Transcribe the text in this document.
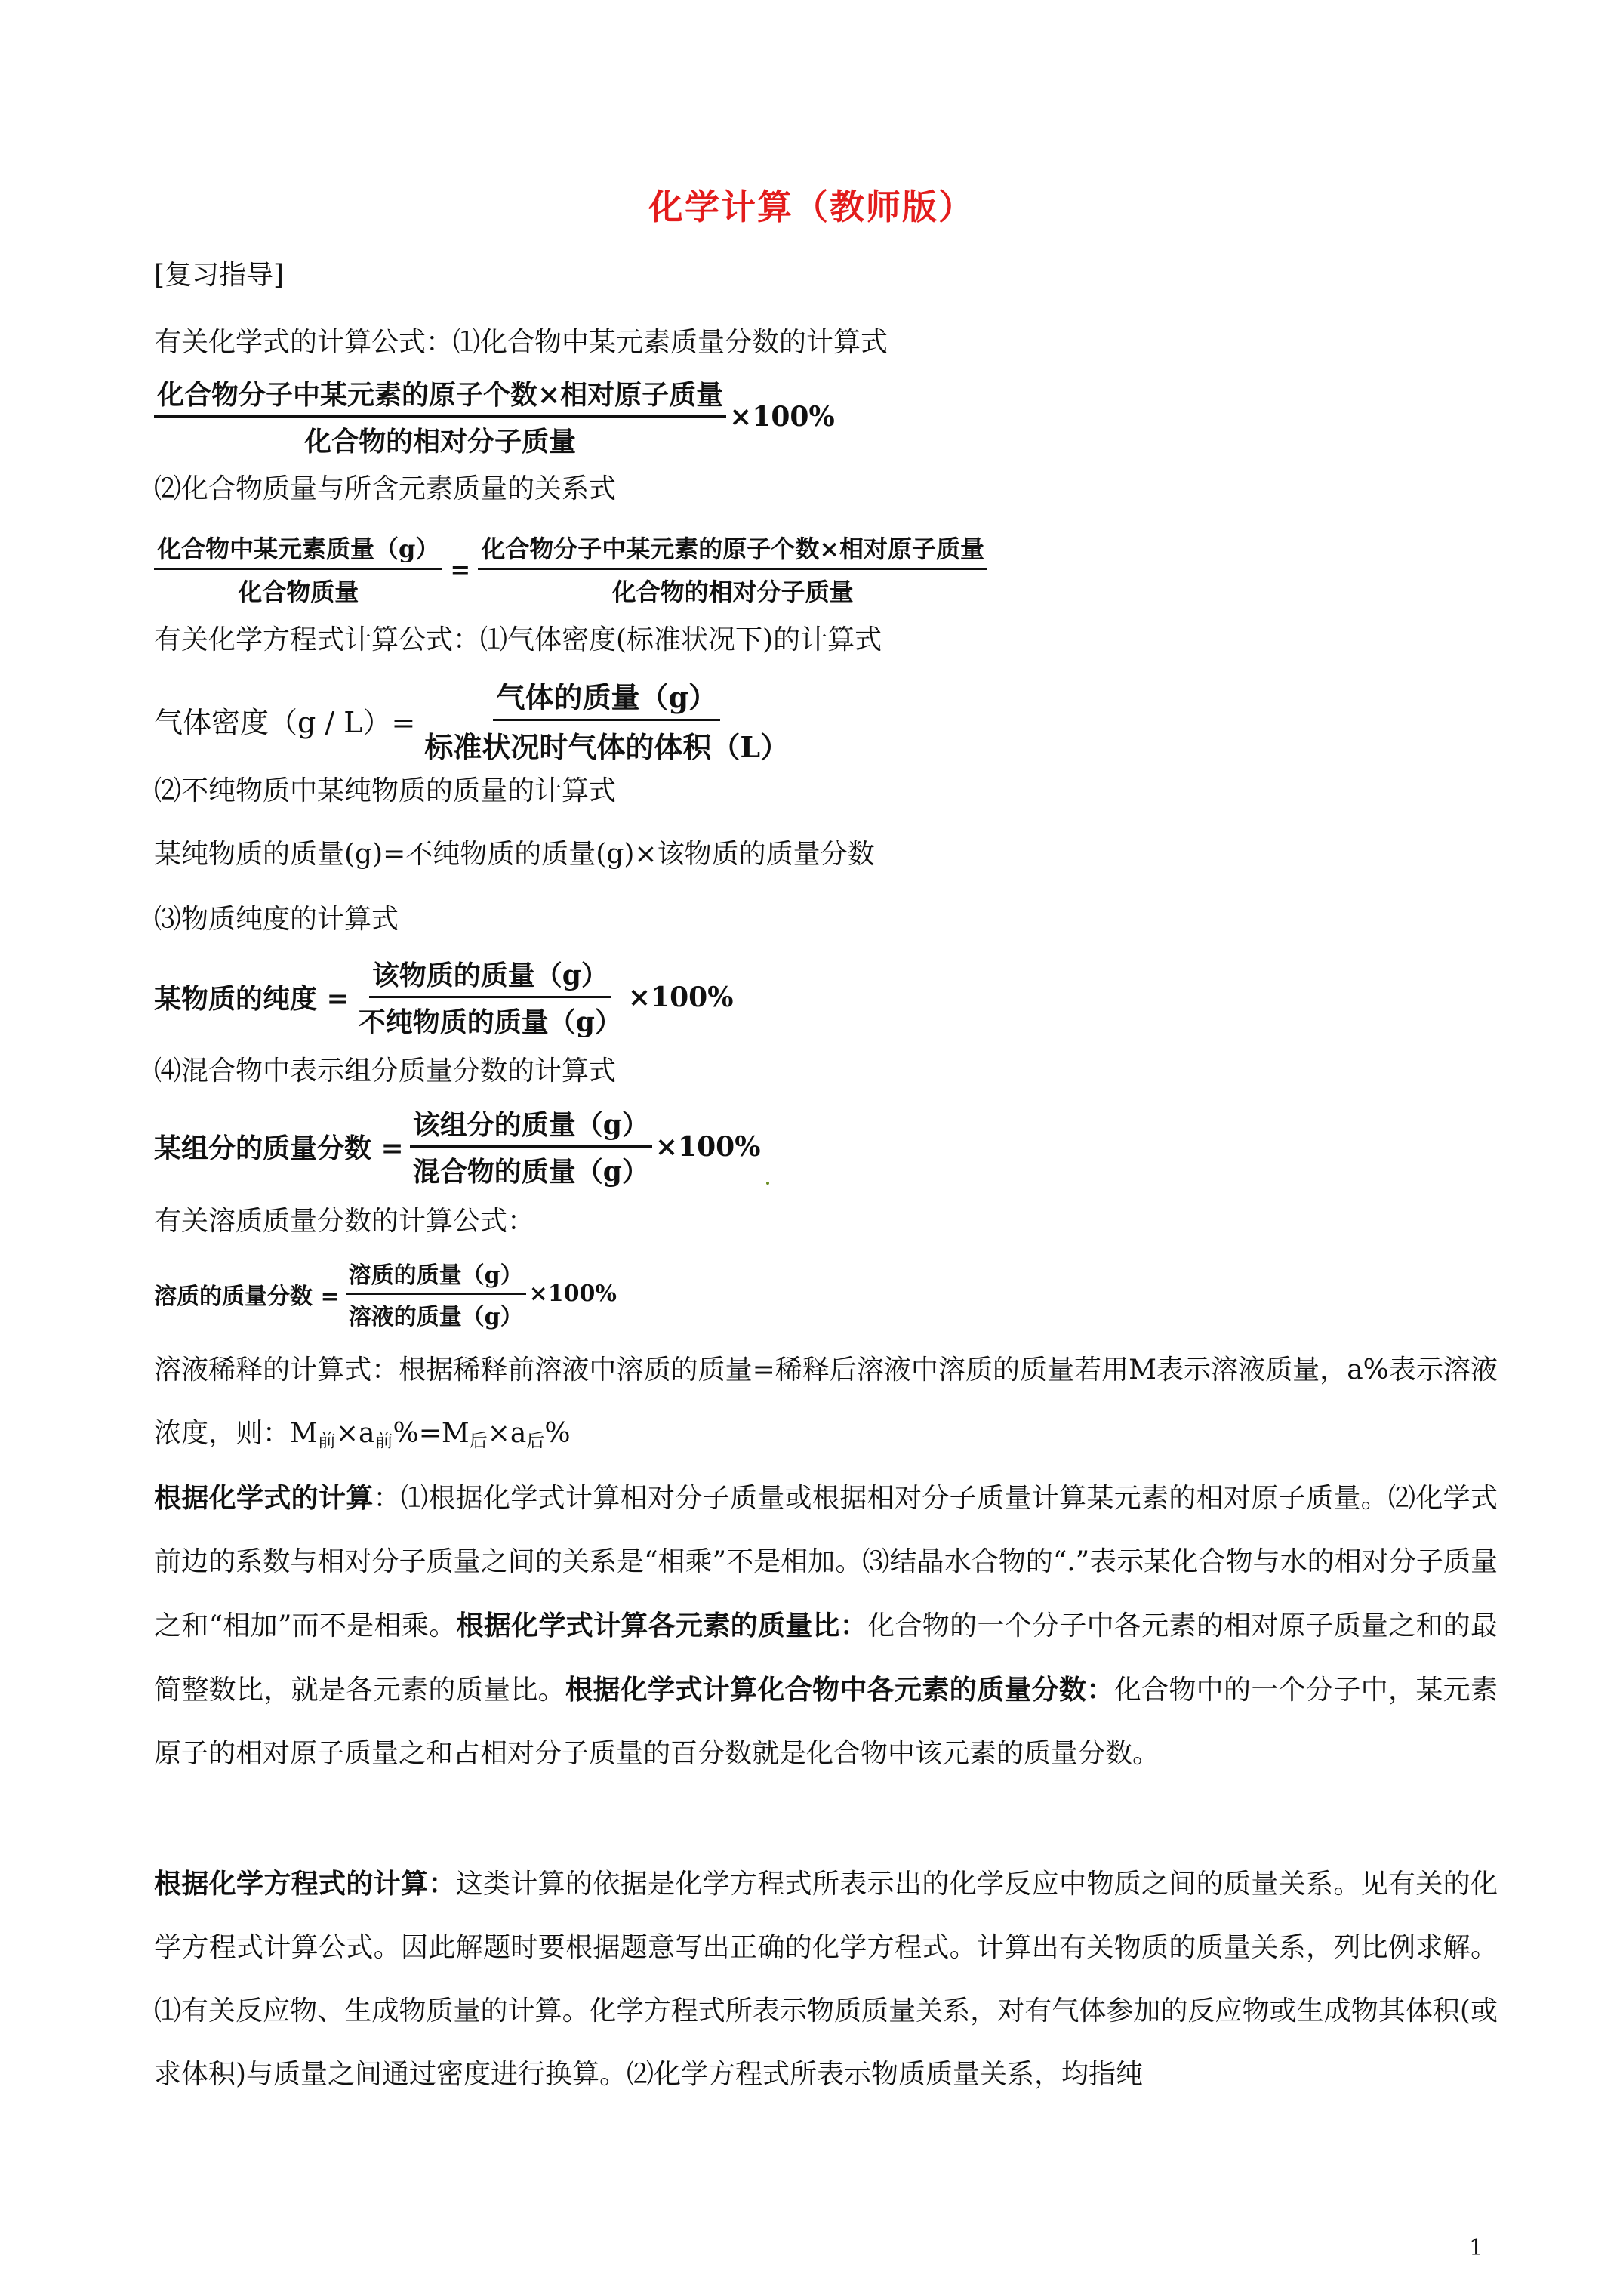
化学计算（教师版）
[复习指导]
有关化学式的计算公式：⑴化合物中某元素质量分数的计算式
$\frac{\text{化合物分子中某元素的原子个数×相对原子质量}}{\text{化合物的相对分子质量}} \times 100\%$
⑵化合物质量与所含元素质量的关系式
$\frac{\text{化合物中某元素质量（g）}}{\text{化合物质量}} = \frac{\text{化合物分子中某元素的原子个数×相对原子质量}}{\text{化合物的相对分子质量}}$
有关化学方程式计算公式：⑴气体密度(标准状况下)的计算式
气体密度$(g / L)= \frac{\text{气体的质量（g）}}{\text{标准状况时气体的体积（L）}}$
⑵不纯物质中某纯物质的质量的计算式
某纯物质的质量(g)=不纯物质的质量(g)×该物质的质量分数
⑶物质纯度的计算式
某物质的纯度 = $\frac{\text{该物质的质量（g）}}{\text{不纯物质的质量（g）}} \times 100\%$
⑷混合物中表示组分质量分数的计算式
某组分的质量分数 = $\frac{\text{该组分的质量（g）}}{\text{混合物的质量（g）}} \times 100\%$
有关溶质质量分数的计算公式：
溶质的质量分数 = $\frac{\text{溶质的质量（g）}}{\text{溶液的质量（g）}} \times 100\%$
溶液稀释的计算式：根据稀释前溶液中溶质的质量=稀释后溶液中溶质的质量若用M表示溶液质量，a%表示溶液浓度，则：$M_前\times a_前\%=M_后\times a_后\%$
根据化学式的计算：⑴根据化学式计算相对分子质量或根据相对分子质量计算某元素的相对原子质量。⑵化学式前边的系数与相对分子质量之间的关系是“相乘”不是相加。⑶结晶水合物的“.”表示某化合物与水的相对分子质量之和“相加”而不是相乘。根据化学式计算各元素的质量比：化合物的一个分子中各元素的相对原子质量之和的最简整数比，就是各元素的质量比。根据化学式计算化合物中各元素的质量分数：化合物中的一个分子中，某元素原子的相对原子质量之和占相对分子质量的百分数就是化合物中该元素的质量分数。
根据化学方程式的计算：这类计算的依据是化学方程式所表示出的化学反应中物质之间的质量关系。见有关的化学方程式计算公式。因此解题时要根据题意写出正确的化学方程式。计算出有关物质的质量关系，列比例求解。⑴有关反应物、生成物质量的计算。化学方程式所表示物质质量关系，对有气体参加的反应物或生成物其体积(或求体积)与质量之间通过密度进行换算。⑵化学方程式所表示物质质量关系，均指纯
1
